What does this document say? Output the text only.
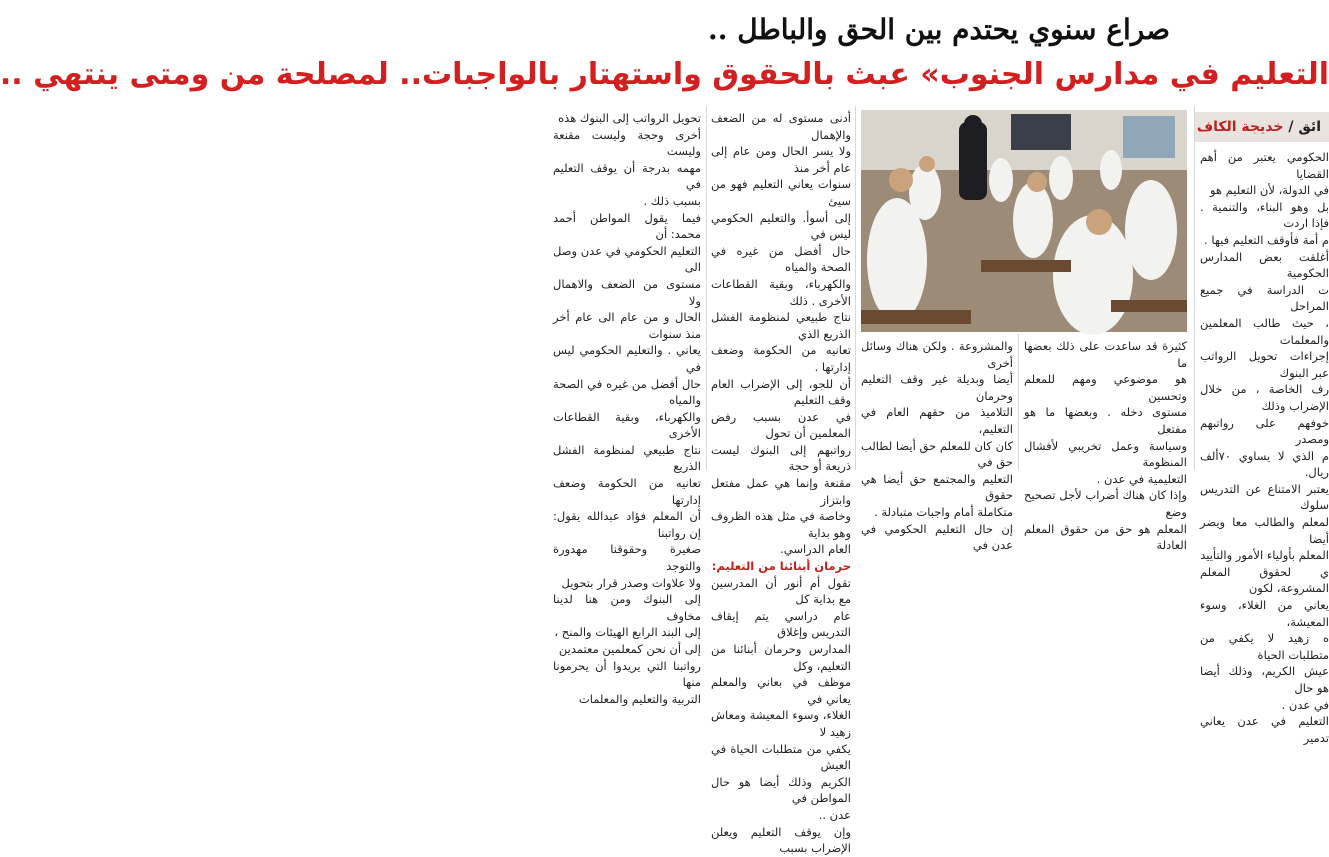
صراع سنوي يحتدم بين الحق والباطل ..
التعليم في مدارس الجنوب» عبث بالحقوق واستهتار بالواجبات.. لمصلحة من ومتى ينتهي ..
ائق / خديجة الكاف

الحكومي يعتبر من أهم القضايا

في الدولة، لأن التعليم هو

بل وهو البناء، والتنمية . فإذا اردت

م أمة فأوقف التعليم فيها .

أغلقت بعض المدارس الحكومية

ت الدراسة في جميع المراحل

، حيث طالب المعلمين والمعلمات

إجراءات تحويل الرواتب عبر البنوك

رف الخاصة ، من خلال الإضراب وذلك

خوفهم على رواتبهم ومصدر

م الذي لا يساوي ٧٠ألف ريال.

يعتبر الامتناع عن التدريس سلوك

لمعلم والطالب معا ويضر أيضا

المعلم بأولياء الأمور والتأييد

ي لحقوق المعلم المشروعة، لكون

يعاني من الغلاء، وسوء المعيشة،

ه زهيد لا يكفي من متطلبات الحياة

عيش الكريم، وذلك أيضا هو حال

في عدن .

التعليم في عدن يعاني تدمير

كثيرة قد ساعدت على ذلك بعضها ما

هو موضوعي ومهم للمعلم وتحسين

مستوى دخله . وبعضها ما هو مفتعل

وسياسة وعمل تخريبي لأفشال المنظومة

التعليمية في عدن .

وإذا كان هناك أضراب لأجل تصحيح وضع

المعلم هو حق من حقوق المعلم العادلة

والمشروعة . ولكن هناك وسائل أخرى

أيضا وبديلة غير وقف التعليم وحرمان

التلاميذ من حقهم العام في التعليم،

كان كان للمعلم حق أيضا لطالب حق في

التعليم والمجتمع حق أيضا هي حقوق

متكاملة أمام واجبات متبادلة .

إن حال التعليم الحكومي في عدن في

أدنى مستوى له من الضعف والإهمال

ولا يسر الحال ومن عام إلى عام أخر منذ

سنوات يعاني التعليم فهو من سيئ

إلى أسوأ. والتعليم الحكومي ليس في

حال أفضل من غيره في الصحة والمياه

والكهرباء، وبقية القطاعات الأخرى . ذلك

نتاج طبيعي لمنظومة الفشل الذريع الذي

تعانيه من الحكومة وضعف إدارتها .

أن للجو، إلى الإضراب العام وقف التعليم

في عدن بسبب رفض المعلمين أن تحول

رواتبهم إلى البنوك ليست ذريعة أو حجة

مقنعة وإنما هي عمل مفتعل وابتزاز

وخاصة في مثل هذه الظروف وهو بداية

العام الدراسي.

حرمان أبنائنا من التعليم:

تقول أم أنور أن المدرسين مع بداية كل

عام دراسي يتم إيقاف التدريس وإغلاق

المدارس وحرمان أبنائنا من التعليم، وكل

موظف في بعاني والمعلم يعاني في

الغلاء، وسوء المعيشة ومعاش زهيد لا

يكفي من متطلبات الحياة في العيش

الكريم وذلك أيضا هو حال المواطن في

عدن ..

وإن يوقف التعليم ويعلن الإضراب بسبب

تحويل الرواتب إلى البنوك هذه

أخرى وحجة وليست مقنعة وليست

مهمه بدرجة أن يوقف التعليم في

بسبب ذلك .

فيما يقول المواطن أحمد محمد: أن

التعليم الحكومي في عدن وصل الى

مستوى من الضعف والاهمال ولا

الحال و من عام الى عام أخر منذ سنوات

يعاني . والتعليم الحكومي ليس في

حال أفضل من غيره في الصحة والمياه

والكهرباء، وبقية القطاعات الأخرى

نتاج طبيعي لمنظومة الفشل الذريع

تعانيه من الحكومة وضعف إدارتها

أن المعلم فؤاد عبدالله يقول: إن رواتبنا

صغيرة وحقوقنا مهدورة والتوجد

ولا علاوات وصدر قرار بتحويل

إلى البنوك ومن هنا لدينا مخاوف

إلى البند الرابع الهيئات والمنح ،

إلى أن نحن كمعلمين معتمدين

رواتبنا التي يريدوا أن يحرمونا منها

التربية والتعليم والمعلمات
